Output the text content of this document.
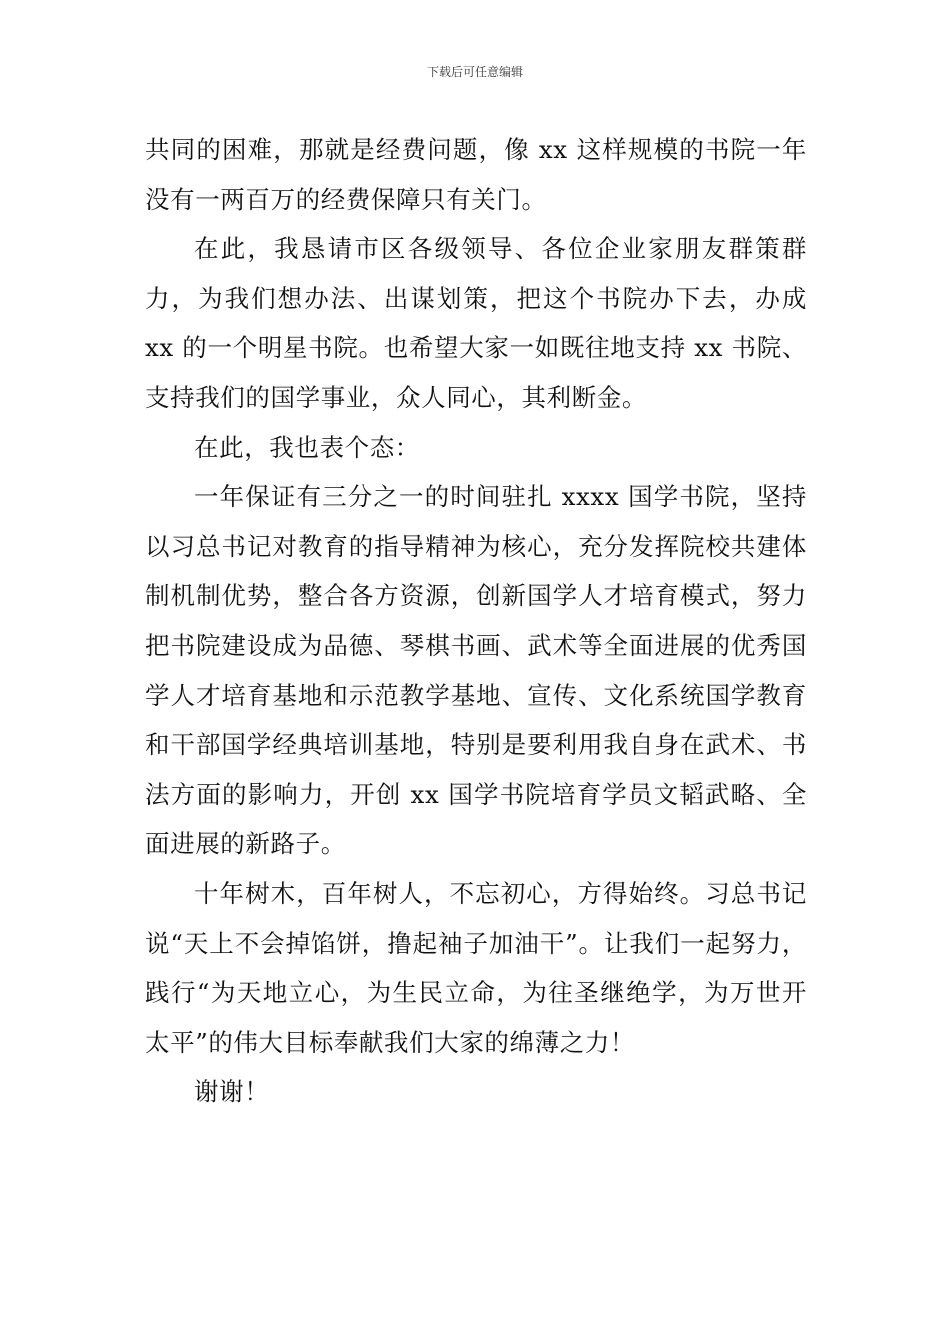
下载后可任意编辑

共同的困难，那就是经费问题，像 xx 这样规模的书院一年没有一两百万的经费保障只有关门。

在此，我恳请市区各级领导、各位企业家朋友群策群力，为我们想办法、出谋划策，把这个书院办下去，办成 xx 的一个明星书院。也希望大家一如既往地支持 xx 书院、支持我们的国学事业，众人同心，其利断金。

在此，我也表个态：

一年保证有三分之一的时间驻扎 xxxx 国学书院，坚持以习总书记对教育的指导精神为核心，充分发挥院校共建体制机制优势，整合各方资源，创新国学人才培育模式，努力把书院建设成为品德、琴棋书画、武术等全面进展的优秀国学人才培育基地和示范教学基地、宣传、文化系统国学教育和干部国学经典培训基地，特别是要利用我自身在武术、书法方面的影响力，开创 xx 国学书院培育学员文韬武略、全面进展的新路子。

十年树木，百年树人，不忘初心，方得始终。习总书记说“天上不会掉馅饼，撸起袖子加油干”。让我们一起努力，践行“为天地立心，为生民立命，为往圣继绝学，为万世开太平”的伟大目标奉献我们大家的绵薄之力！

谢谢！
